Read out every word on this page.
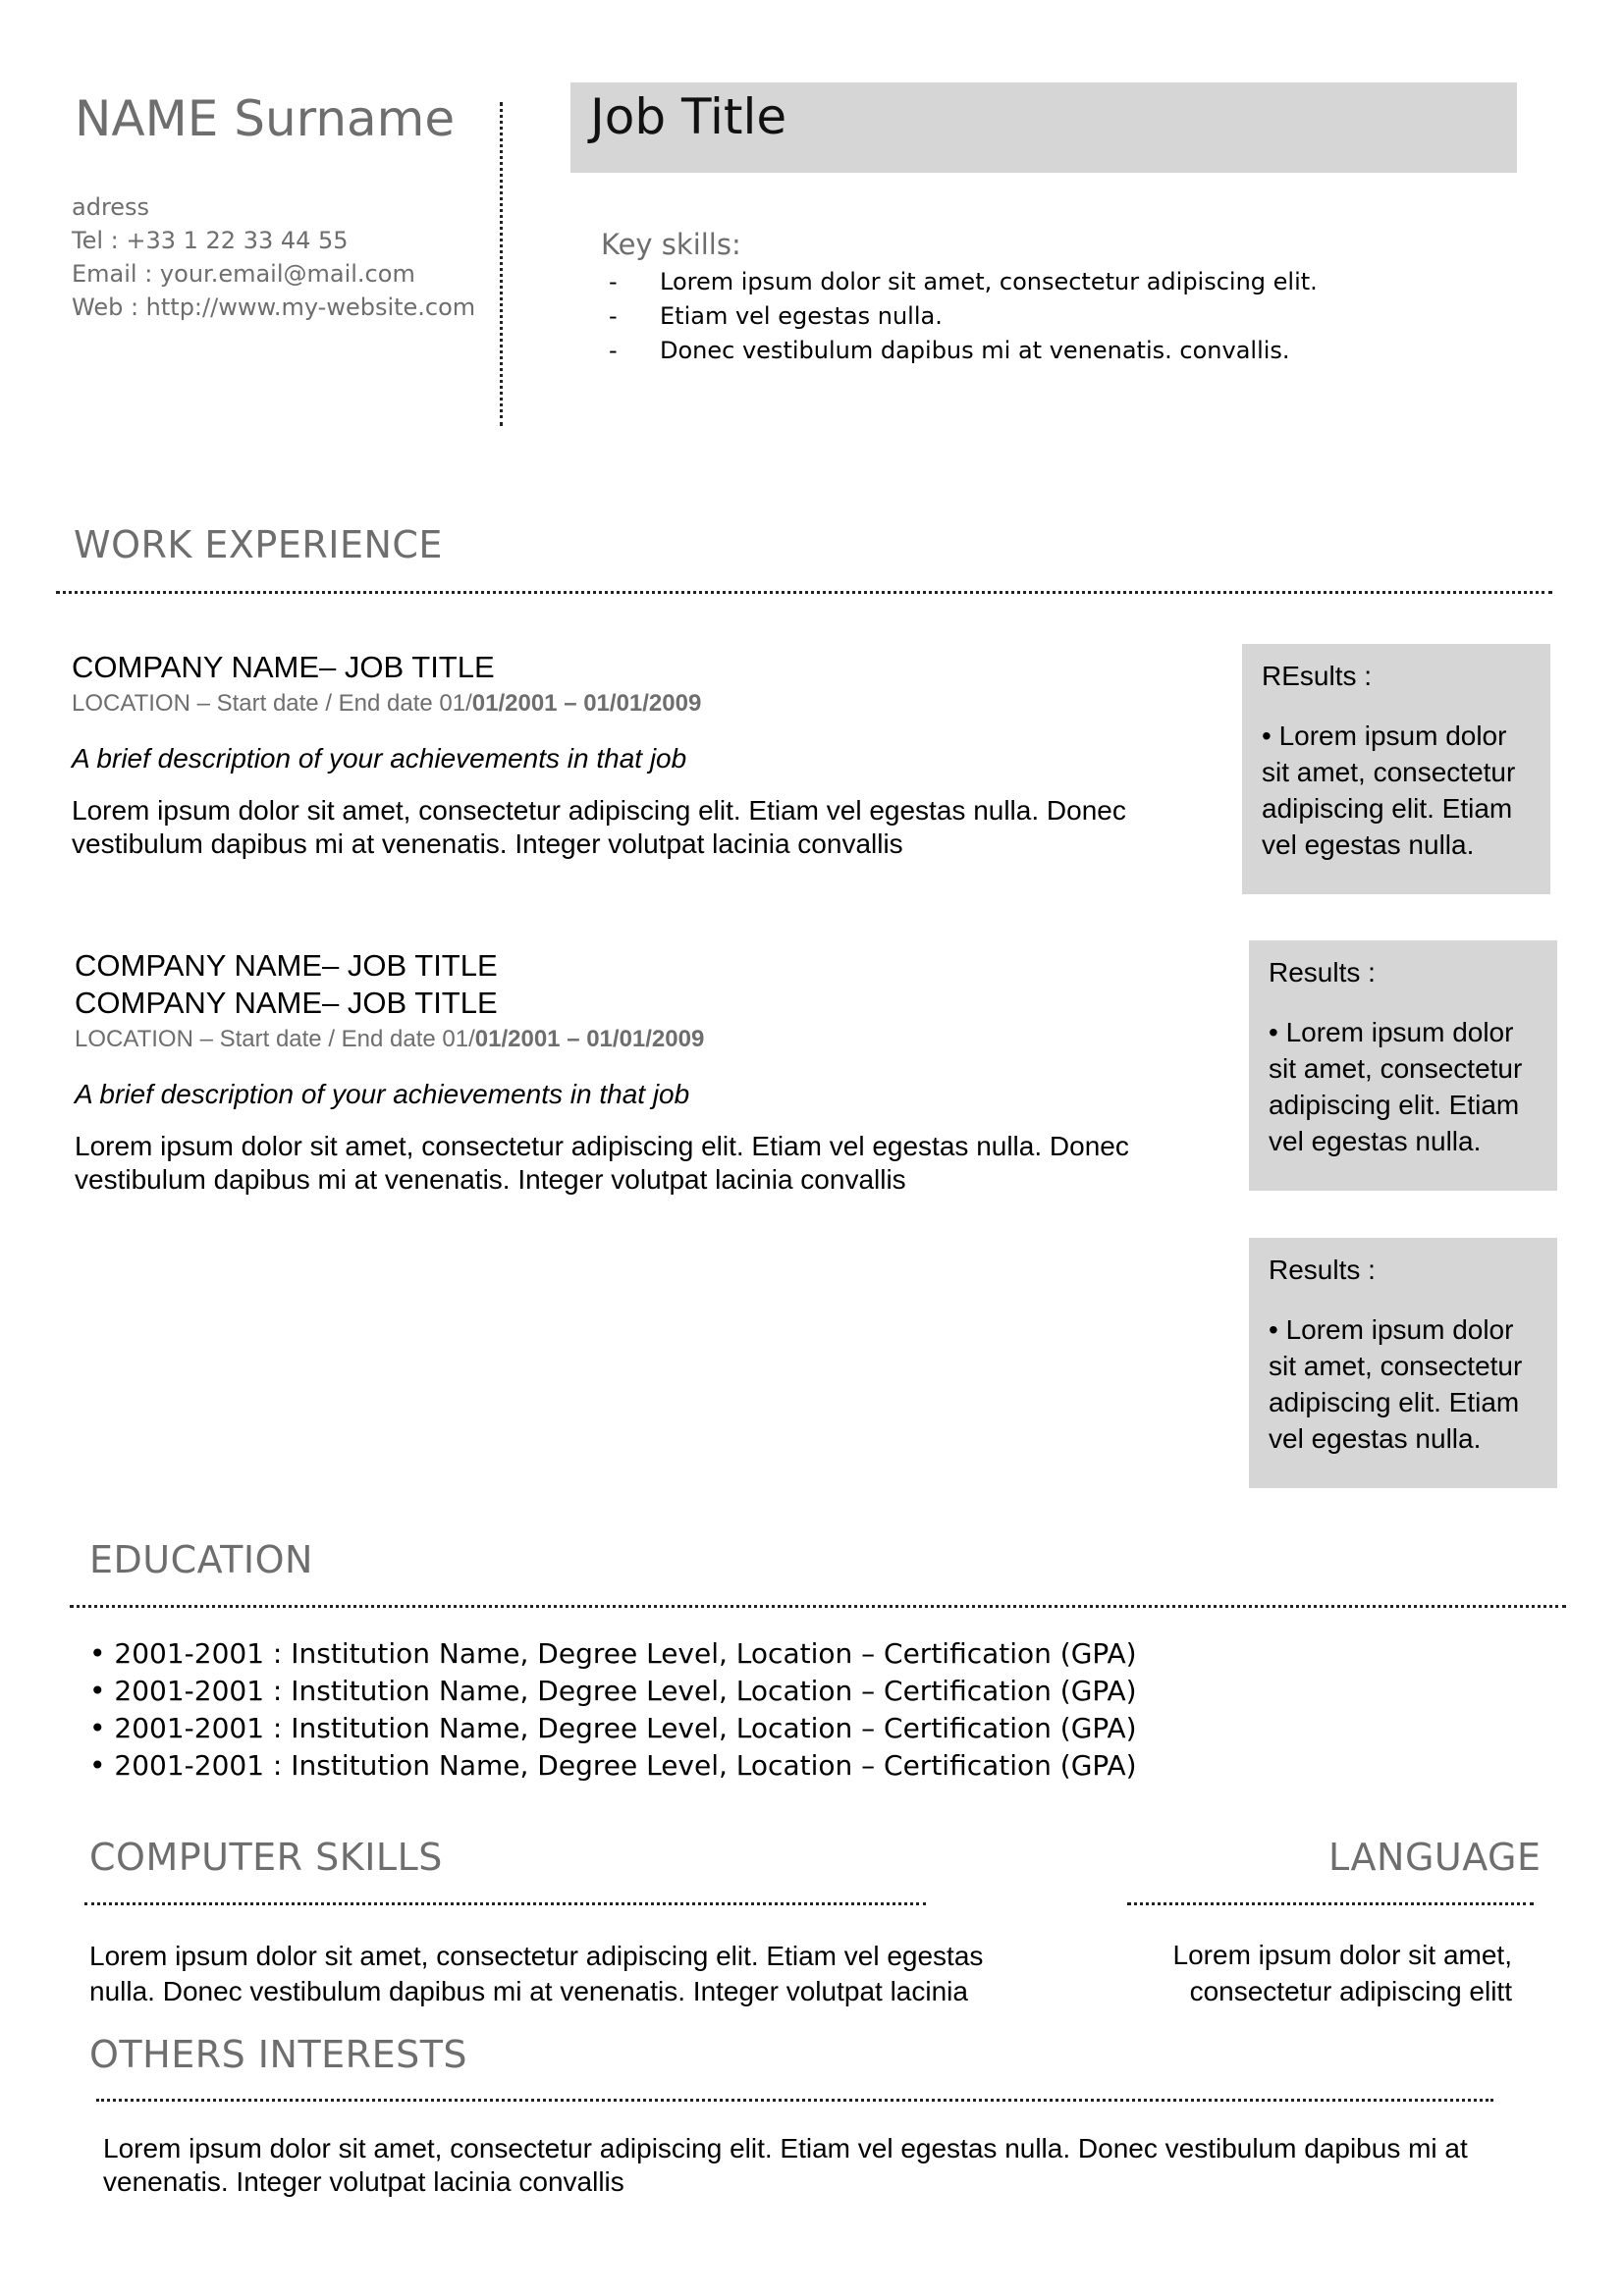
NAME Surname
adress
Tel : +33 1 22 33 44 55
Email : your.email@mail.com
Web : http://www.my-website.com
Job Title
Key skills:
- Lorem ipsum dolor sit amet, consectetur adipiscing elit.
- Etiam vel egestas nulla.
- Donec vestibulum dapibus mi at venenatis. convallis.
WORK EXPERIENCE
COMPANY NAME– JOB TITLE
LOCATION – Start date / End date 01/01/2001 – 01/01/2009
A brief description of your achievements in that job
Lorem ipsum dolor sit amet, consectetur adipiscing elit. Etiam vel egestas nulla. Donec vestibulum dapibus mi at venenatis. Integer volutpat lacinia convallis
COMPANY NAME– JOB TITLE
COMPANY NAME– JOB TITLE
LOCATION – Start date / End date 01/01/2001 – 01/01/2009
A brief description of your achievements in that job
Lorem ipsum dolor sit amet, consectetur adipiscing elit. Etiam vel egestas nulla. Donec vestibulum dapibus mi at venenatis. Integer volutpat lacinia convallis
REsults :
• Lorem ipsum dolor sit amet, consectetur adipiscing elit. Etiam vel egestas nulla.
Results :
• Lorem ipsum dolor sit amet, consectetur adipiscing elit. Etiam vel egestas nulla.
Results :
• Lorem ipsum dolor sit amet, consectetur adipiscing elit. Etiam vel egestas nulla.
EDUCATION
• 2001-2001 : Institution Name, Degree Level, Location – Certification (GPA)
• 2001-2001 : Institution Name, Degree Level, Location – Certification (GPA)
• 2001-2001 : Institution Name, Degree Level, Location – Certification (GPA)
• 2001-2001 : Institution Name, Degree Level, Location – Certification (GPA)
COMPUTER SKILLS
Lorem ipsum dolor sit amet, consectetur adipiscing elit. Etiam vel egestas nulla. Donec vestibulum dapibus mi at venenatis. Integer volutpat lacinia
LANGUAGE
Lorem ipsum dolor sit amet,
consectetur adipiscing elitt
OTHERS INTERESTS
Lorem ipsum dolor sit amet, consectetur adipiscing elit. Etiam vel egestas nulla. Donec vestibulum dapibus mi at venenatis. Integer volutpat lacinia convallis
